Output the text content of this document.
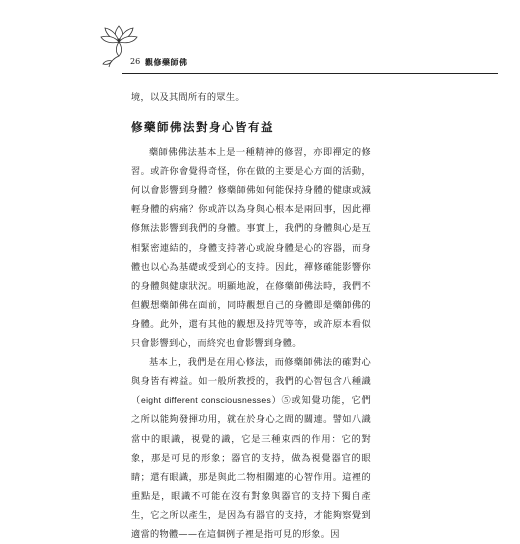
26 觀修藥師佛

境，以及其間所有的眾生。

修藥師佛法對身心皆有益

藥師佛佛法基本上是一種精神的修習，亦即禪定的修習。或許你會覺得奇怪，你在做的主要是心方面的活動，何以會影響到身體？修藥師佛如何能保持身體的健康或減輕身體的病痛？你或許以為身與心根本是兩回事，因此禪修無法影響到我們的身體。事實上，我們的身體與心是互相緊密連結的，身體支持著心或說身體是心的容器，而身體也以心為基礎或受到心的支持。因此，禪修確能影響你的身體與健康狀況。明顯地說，在修藥師佛法時，我們不但觀想藥師佛在面前，同時觀想自己的身體即是藥師佛的身體。此外，還有其他的觀想及持咒等等，或許原本看似只會影響到心，而終究也會影響到身體。

基本上，我們是在用心修法，而修藥師佛法的確對心與身皆有裨益。如一般所教授的，我們的心智包含八種識（eight different consciousnesses）⑤或知覺功能，它們之所以能夠發揮功用，就在於身心之間的關連。譬如八識當中的眼識，視覺的識，它是三種束西的作用：它的對象，那是可見的形象；器官的支持，做為視覺器官的眼睛；還有眼識，那是與此二物相關連的心智作用。這裡的重點是，眼識不可能在沒有對象與器官的支持下獨自產生，它之所以產生，是因為有器官的支持，才能夠察覺到適當的物體——在這個例子裡是指可見的形象。因
